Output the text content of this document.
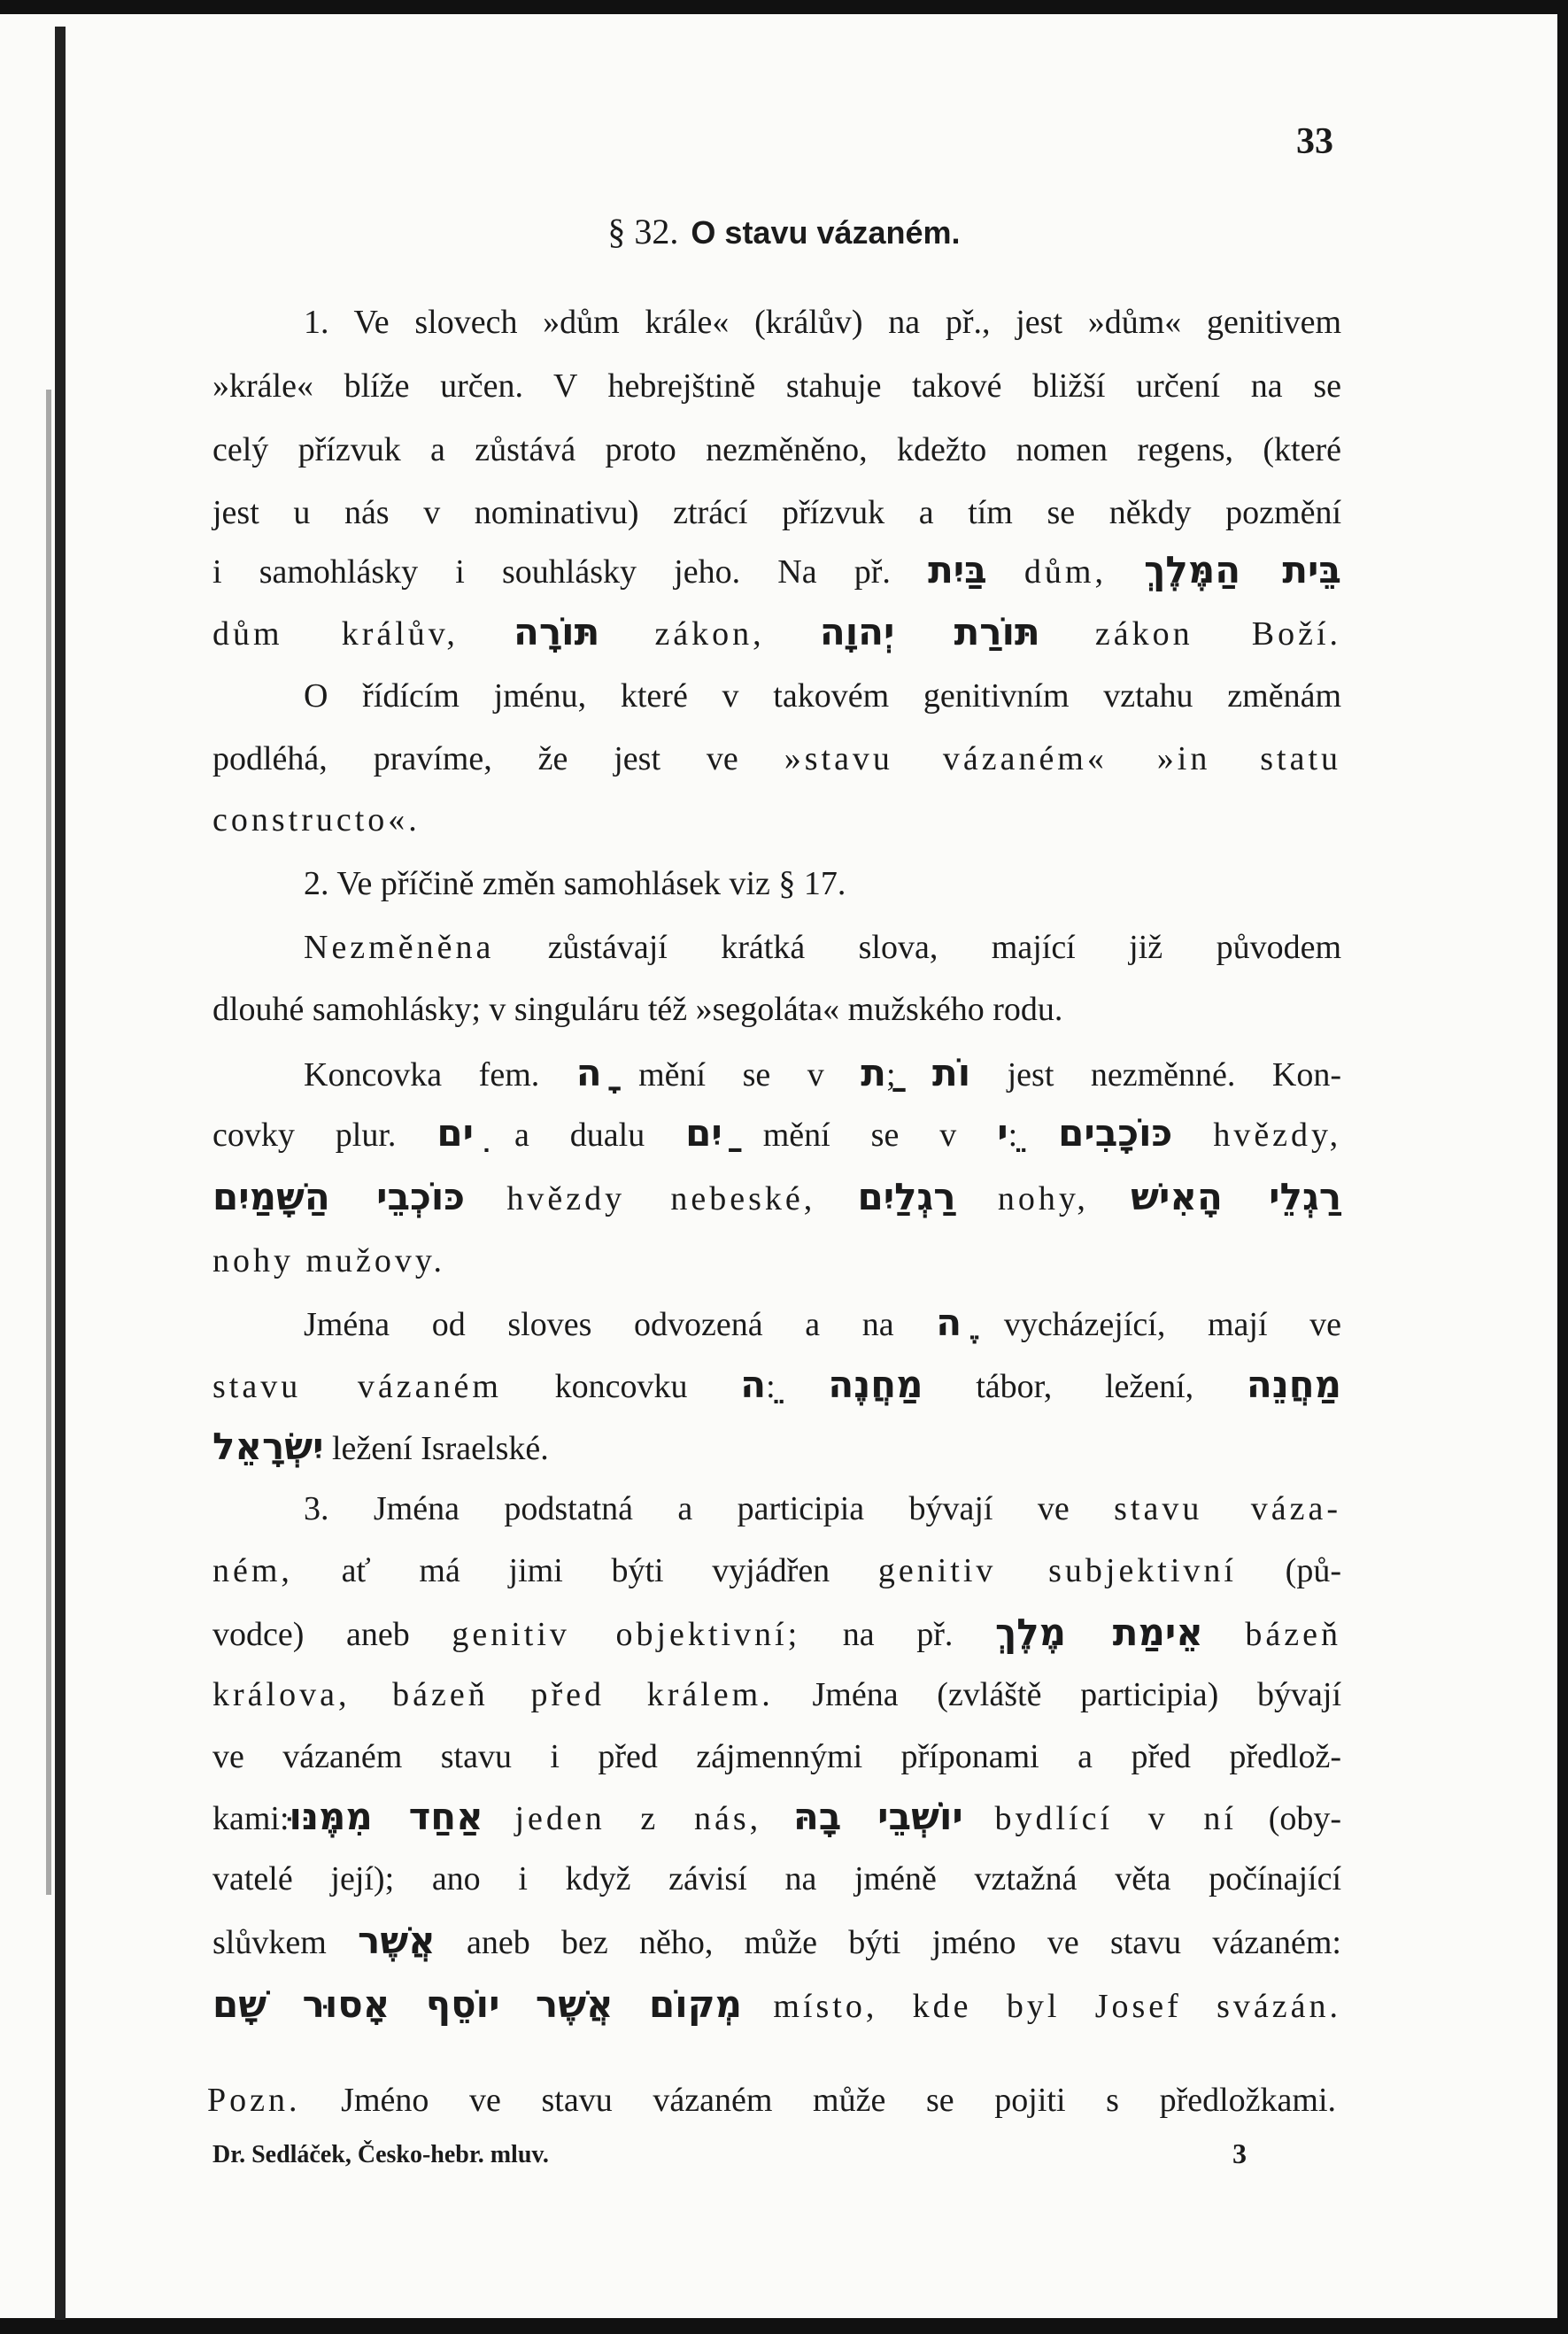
33
§ 32. O stavu vázaném.
1. Ve slovech »dům krále« (králův) na př., jest »dům« genitivem
»krále« blíže určen. V hebrejštině stahuje takové bližší určení na se
celý přízvuk a zůstává proto nezměněno, kdežto nomen regens, (které
jest u nás v nominativu) ztrácí přízvuk a tím se někdy pozmění
i samohlásky i souhlásky jeho. Na př. בַּיִת dům, בֵּית הַמֶּלֶךְ
dům králův, תּוֹרָה zákon, תּוֹרַת יְהוָה zákon Boží.
O řídícím jménu, které v takovém genitivním vztahu změnám
podléhá, pravíme, že jest ve »stavu vázaném« »in statu
constructo«.
2. Ve příčině změn samohlásek viz § 17.
Nezměněna zůstávají krátká slova, mající již původem
dlouhé samohlásky; v singuláru též »segoláta« mužského rodu.
Koncovka fem. ָה mění se v ַת; וֹת jest nezměnné. Kon-
covky plur. ִים a dualu ַיִם mění se v ֵי: כּוֹכָבִים hvězdy,
כּוֹכְבֵי הַשָּׁמַיִם hvězdy nebeské, רַגְלַיִם nohy, רַגְלֵי הָאִישׁ
nohy mužovy.
Jména od sloves odvozená a na ֶה vycházející, mají ve
stavu vázaném koncovku ֵה: מַחֲנֶה tábor, ležení, מַחֲנֵה
יִשְׂרָאֵל ležení Israelské.
3. Jména podstatná a participia bývají ve stavu váza-
ném, ať má jimi býti vyjádřen genitiv subjektivní (pů-
vodce) aneb genitiv objektivní; na př. אֵימַת מֶלֶךְ bázeň
králova, bázeň před králem. Jména (zvláště participia) bývají
ve vázaném stavu i před zájmennými příponami a před předlož-
kami:אַחַד מִמֶּנּוּ jeden z nás, יוֹשְׁבֵי בָהּ bydlící v ní (oby-
vatelé její); ano i když závisí na jméně vztažná věta počínající
slůvkem אֲשֶׁר aneb bez něho, může býti jméno ve stavu vázaném:
מְקוֹם אֲשֶׁר יוֹסֵף אָסוּר שָׁם místo, kde byl Josef svázán.
Pozn. Jméno ve stavu vázaném může se pojiti s předložkami.
Dr. Sedláček, Česko-hebr. mluv.	3
